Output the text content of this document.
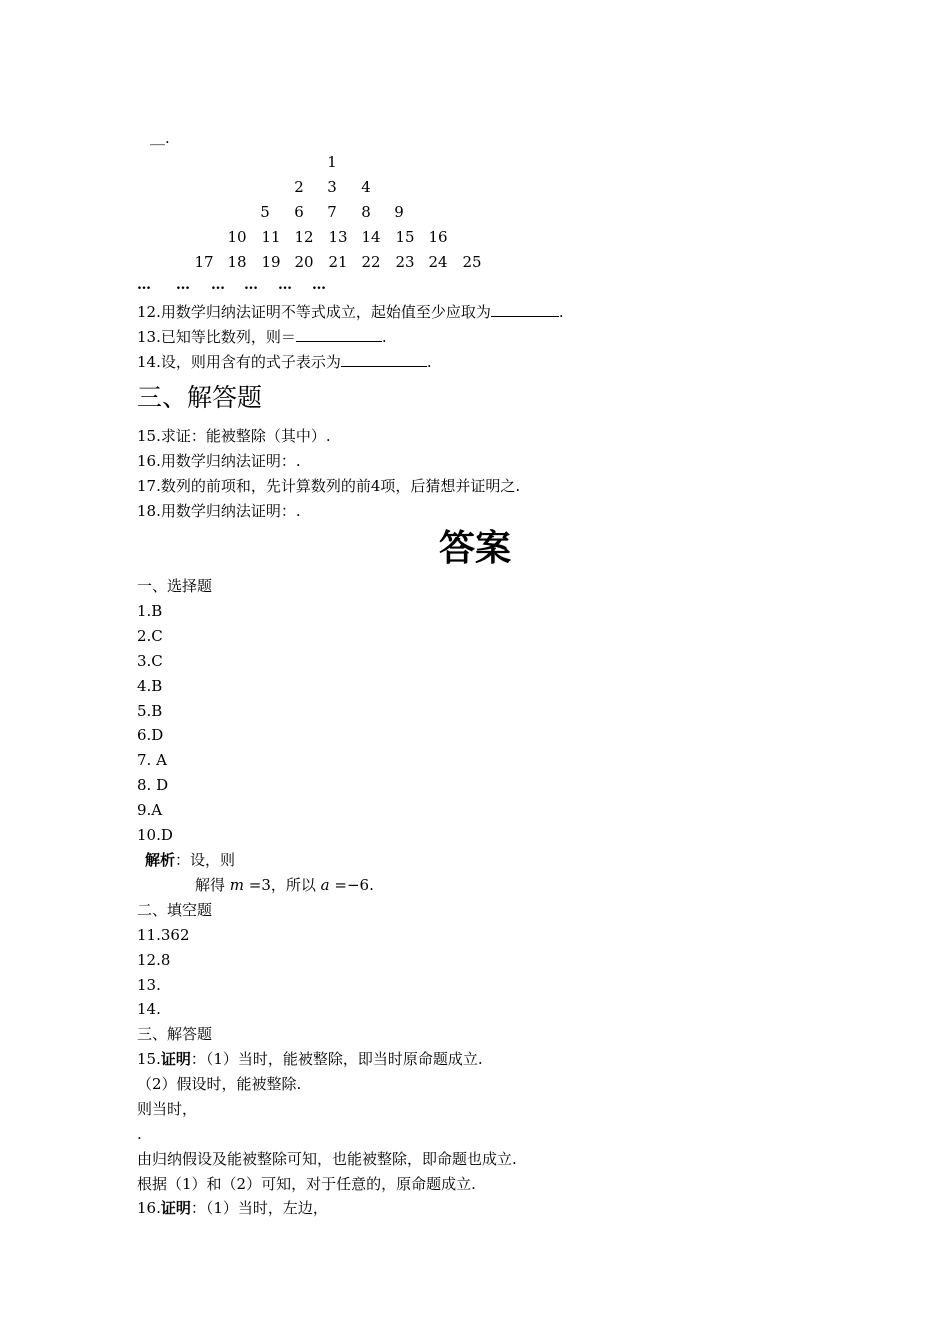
＿.
1
2	3	4
5	6	7	8	9
10 11 12 13 14 15 16
17 18 19 20 21 22 23 24 25
… … … … … …
12.用数学归纳法证明不等式成立，起始值至少应取为	.
13.已知等比数列，则＝	.
14.设，则用含有的式子表示为	.
三、解答题
15.求证：能被整除（其中）.
16.用数学归纳法证明：.
17.数列的前项和，先计算数列的前4项，后猜想并证明之.
18.用数学归纳法证明：.
答案
一、选择题
1.B
2.C
3.C
4.B
5.B
6.D
7. A
8. D
9.A
10.D
解析：设，则
解得 m =3，所以 a =−6.
二、填空题
11.362
12.8
13.
14.
三、解答题
15.证明：（1）当时，能被整除，即当时原命题成立.
（2）假设时，能被整除.
则当时，
.
由归纳假设及能被整除可知，也能被整除，即命题也成立.
根据（1）和（2）可知，对于任意的，原命题成立.
16.证明：（1）当时，左边，
